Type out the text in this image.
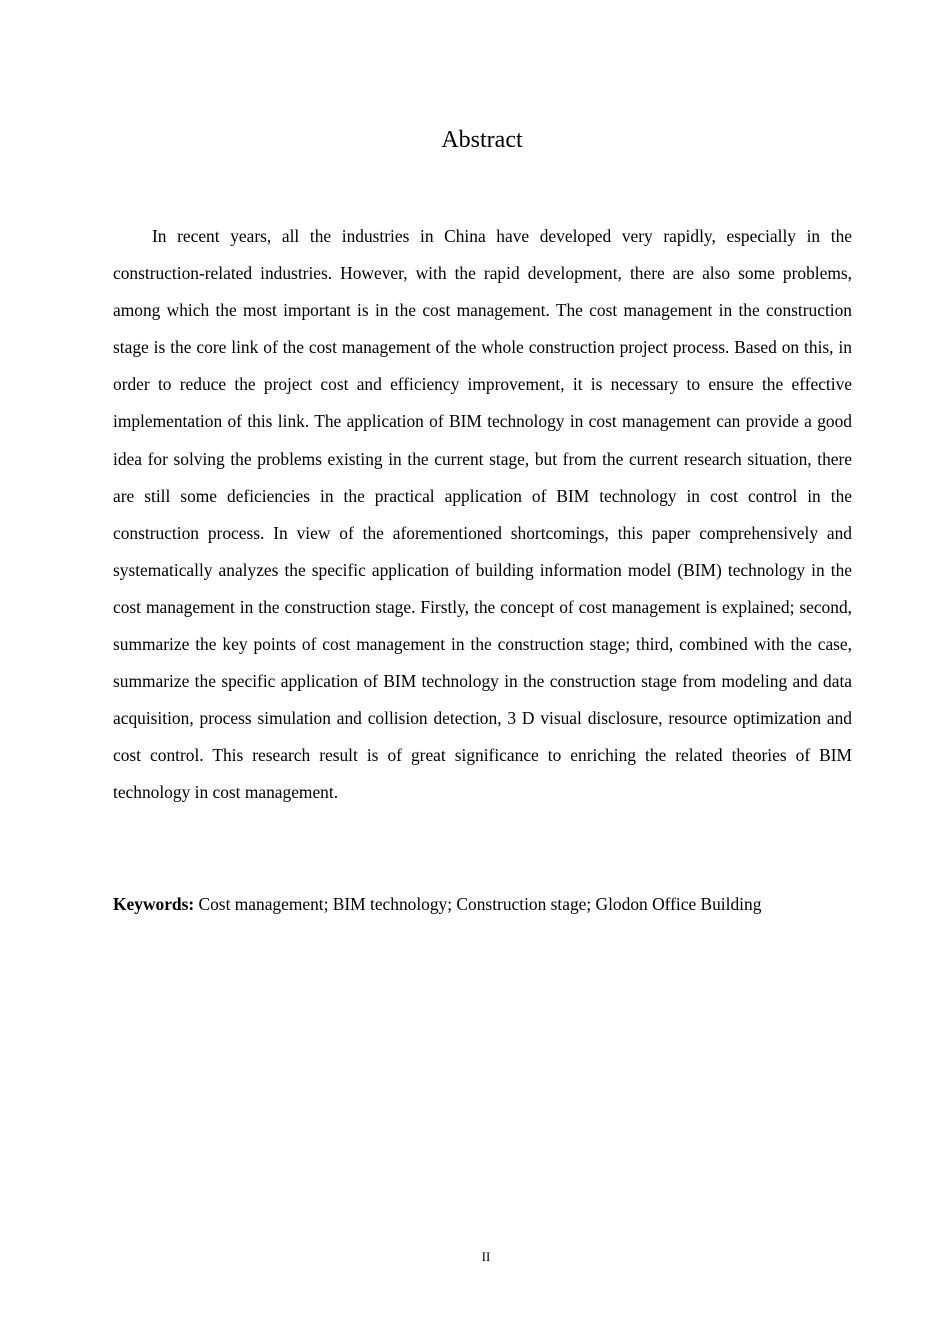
Abstract

In recent years, all the industries in China have developed very rapidly, especially in the construction-related industries. However, with the rapid development, there are also some problems, among which the most important is in the cost management. The cost management in the construction stage is the core link of the cost management of the whole construction project process. Based on this, in order to reduce the project cost and efficiency improvement, it is necessary to ensure the effective implementation of this link. The application of BIM technology in cost management can provide a good idea for solving the problems existing in the current stage, but from the current research situation, there are still some deficiencies in the practical application of BIM technology in cost control in the construction process. In view of the aforementioned shortcomings, this paper comprehensively and systematically analyzes the specific application of building information model (BIM) technology in the cost management in the construction stage. Firstly, the concept of cost management is explained; second, summarize the key points of cost management in the construction stage; third, combined with the case, summarize the specific application of BIM technology in the construction stage from modeling and data acquisition, process simulation and collision detection, 3 D visual disclosure, resource optimization and cost control. This research result is of great significance to enriching the related theories of BIM technology in cost management.

Keywords: Cost management; BIM technology; Construction stage; Glodon Office Building

II
